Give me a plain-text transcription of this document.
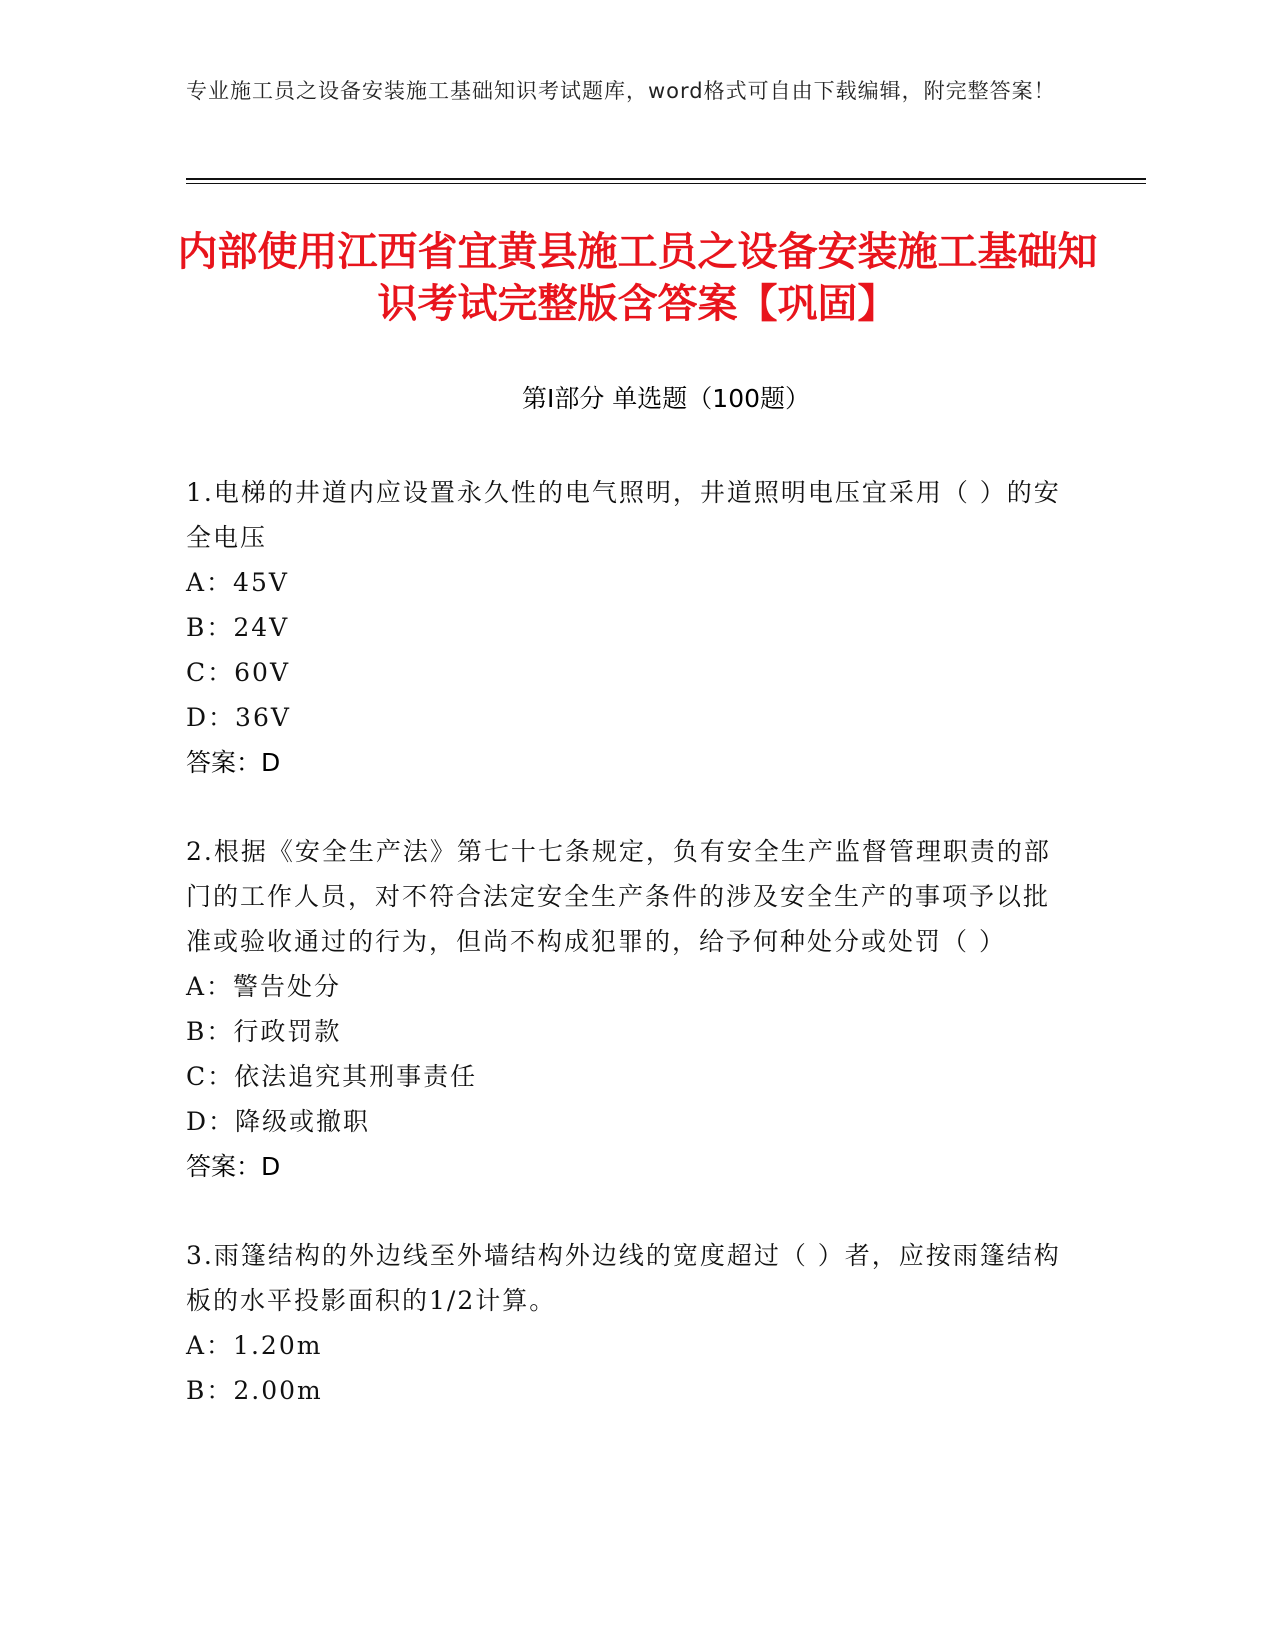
专业施工员之设备安装施工基础知识考试题库，word格式可自由下载编辑，附完整答案！
内部使用江西省宜黄县施工员之设备安装施工基础知识考试完整版含答案【巩固】
第Ⅰ部分 单选题（100题）

1.电梯的井道内应设置永久性的电气照明，井道照明电压宜采用（ ）的安全电压

A：45V

B：24V

C：60V

D：36V

答案：D

2.根据《安全生产法》第七十七条规定，负有安全生产监督管理职责的部门的工作人员，对不符合法定安全生产条件的涉及安全生产的事项予以批准或验收通过的行为，但尚不构成犯罪的，给予何种处分或处罚（ ）

A：警告处分

B：行政罚款

C：依法追究其刑事责任

D：降级或撤职

答案：D

3.雨篷结构的外边线至外墙结构外边线的宽度超过（ ）者，应按雨篷结构板的水平投影面积的1/2计算。

A：1.20m

B：2.00m
